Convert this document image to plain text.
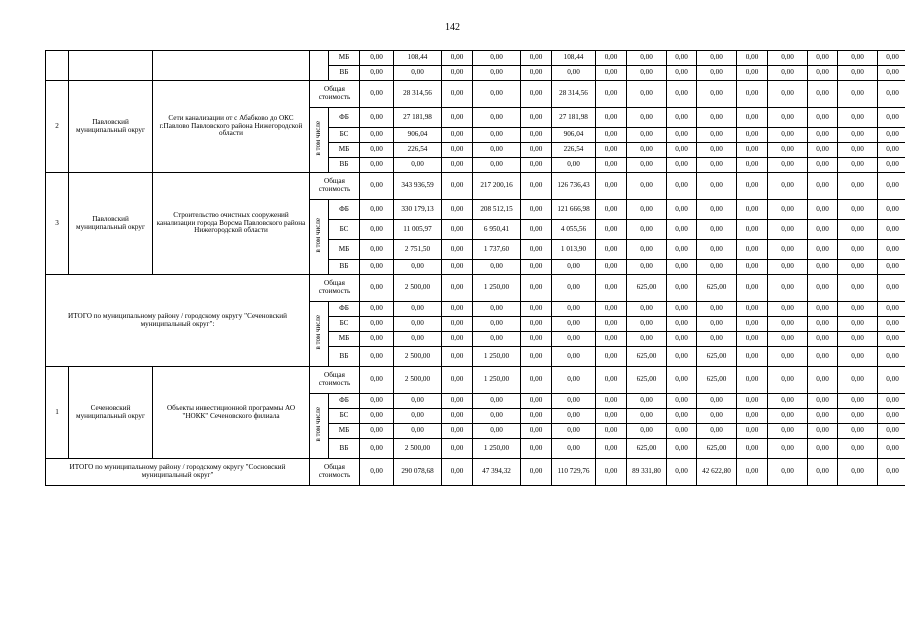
142
				МБ	0,00	108,44	0,00	0,00	0,00	108,44	0,00	0,00	0,00	0,00	0,00	0,00	0,00	0,00	0,00
				ВБ	0,00	0,00	0,00	0,00	0,00	0,00	0,00	0,00	0,00	0,00	0,00	0,00	0,00	0,00	0,00
2	Павловский муниципальный округ	Сети канализации от с Абабково до ОКС г.Павлово Павловского района Нижегородской области	Общая стоимость		0,00	28 314,56	0,00	0,00	0,00	28 314,56	0,00	0,00	0,00	0,00	0,00	0,00	0,00	0,00	0,00
			в том числе	ФБ	0,00	27 181,98	0,00	0,00	0,00	27 181,98	0,00	0,00	0,00	0,00	0,00	0,00	0,00	0,00	0,00
				БС	0,00	906,04	0,00	0,00	0,00	906,04	0,00	0,00	0,00	0,00	0,00	0,00	0,00	0,00	0,00
				МБ	0,00	226,54	0,00	0,00	0,00	226,54	0,00	0,00	0,00	0,00	0,00	0,00	0,00	0,00	0,00
				ВБ	0,00	0,00	0,00	0,00	0,00	0,00	0,00	0,00	0,00	0,00	0,00	0,00	0,00	0,00	0,00
3	Павловский муниципальный округ	Строительство очистных сооружений канализации города Ворсма Павловского района Нижегородской области	Общая стоимость		0,00	343 936,59	0,00	217 200,16	0,00	126 736,43	0,00	0,00	0,00	0,00	0,00	0,00	0,00	0,00	0,00
			в том числе	ФБ	0,00	330 179,13	0,00	208 512,15	0,00	121 666,98	0,00	0,00	0,00	0,00	0,00	0,00	0,00	0,00	0,00
				БС	0,00	11 005,97	0,00	6 950,41	0,00	4 055,56	0,00	0,00	0,00	0,00	0,00	0,00	0,00	0,00	0,00
				МБ	0,00	2 751,50	0,00	1 737,60	0,00	1 013,90	0,00	0,00	0,00	0,00	0,00	0,00	0,00	0,00	0,00
				ВБ	0,00	0,00	0,00	0,00	0,00	0,00	0,00	0,00	0,00	0,00	0,00	0,00	0,00	0,00	0,00
ИТОГО по муниципальному району / городскому округу "Сеченовский муниципальный округ":			Общая стоимость		0,00	2 500,00	0,00	1 250,00	0,00	0,00	0,00	625,00	0,00	625,00	0,00	0,00	0,00	0,00	0,00
			в том числе	ФБ	0,00	0,00	0,00	0,00	0,00	0,00	0,00	0,00	0,00	0,00	0,00	0,00	0,00	0,00	0,00
				БС	0,00	0,00	0,00	0,00	0,00	0,00	0,00	0,00	0,00	0,00	0,00	0,00	0,00	0,00	0,00
				МБ	0,00	0,00	0,00	0,00	0,00	0,00	0,00	0,00	0,00	0,00	0,00	0,00	0,00	0,00	0,00
				ВБ	0,00	2 500,00	0,00	1 250,00	0,00	0,00	0,00	625,00	0,00	625,00	0,00	0,00	0,00	0,00	0,00
1	Сеченовский муниципальный округ	Объекты инвестиционной программы АО "НОКК" Сеченовского филиала	Общая стоимость		0,00	2 500,00	0,00	1 250,00	0,00	0,00	0,00	625,00	0,00	625,00	0,00	0,00	0,00	0,00	0,00
			в том числе	ФБ	0,00	0,00	0,00	0,00	0,00	0,00	0,00	0,00	0,00	0,00	0,00	0,00	0,00	0,00	0,00
				БС	0,00	0,00	0,00	0,00	0,00	0,00	0,00	0,00	0,00	0,00	0,00	0,00	0,00	0,00	0,00
				МБ	0,00	0,00	0,00	0,00	0,00	0,00	0,00	0,00	0,00	0,00	0,00	0,00	0,00	0,00	0,00
				ВБ	0,00	2 500,00	0,00	1 250,00	0,00	0,00	0,00	625,00	0,00	625,00	0,00	0,00	0,00	0,00	0,00
ИТОГО по муниципальному району / городскому округу "Сосновский муниципальный округ"			Общая стоимость		0,00	290 078,68	0,00	47 394,32	0,00	110 729,76	0,00	89 331,80	0,00	42 622,80	0,00	0,00	0,00	0,00	0,00
